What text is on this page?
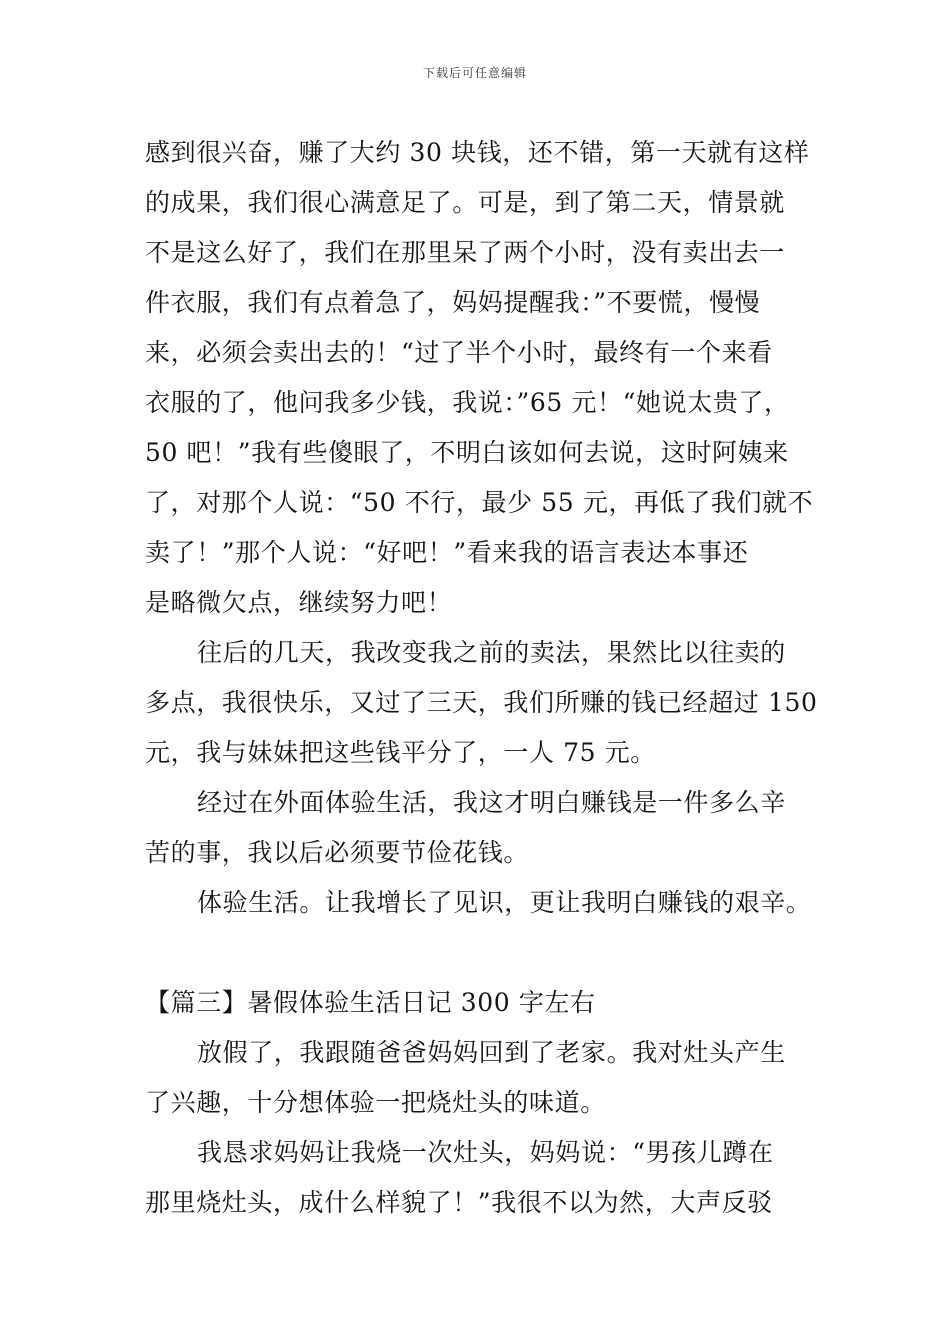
下载后可任意编辑
感到很兴奋，赚了大约 30 块钱，还不错，第一天就有这样
的成果，我们很心满意足了。可是，到了第二天，情景就
不是这么好了，我们在那里呆了两个小时，没有卖出去一
件衣服，我们有点着急了，妈妈提醒我：”不要慌，慢慢
来，必须会卖出去的！“过了半个小时，最终有一个来看
衣服的了，他问我多少钱，我说：”65 元！“她说太贵了，
50 吧！”我有些傻眼了，不明白该如何去说，这时阿姨来
了，对那个人说：“50 不行，最少 55 元，再低了我们就不
卖了！”那个人说：“好吧！”看来我的语言表达本事还
是略微欠点，继续努力吧！
往后的几天，我改变我之前的卖法，果然比以往卖的
多点，我很快乐，又过了三天，我们所赚的钱已经超过 150
元，我与妹妹把这些钱平分了，一人 75 元。
经过在外面体验生活，我这才明白赚钱是一件多么辛
苦的事，我以后必须要节俭花钱。
体验生活。让我增长了见识，更让我明白赚钱的艰辛。
【篇三】暑假体验生活日记 300 字左右
放假了，我跟随爸爸妈妈回到了老家。我对灶头产生
了兴趣，十分想体验一把烧灶头的味道。
我恳求妈妈让我烧一次灶头，妈妈说：“男孩儿蹲在
那里烧灶头，成什么样貌了！”我很不以为然，大声反驳
